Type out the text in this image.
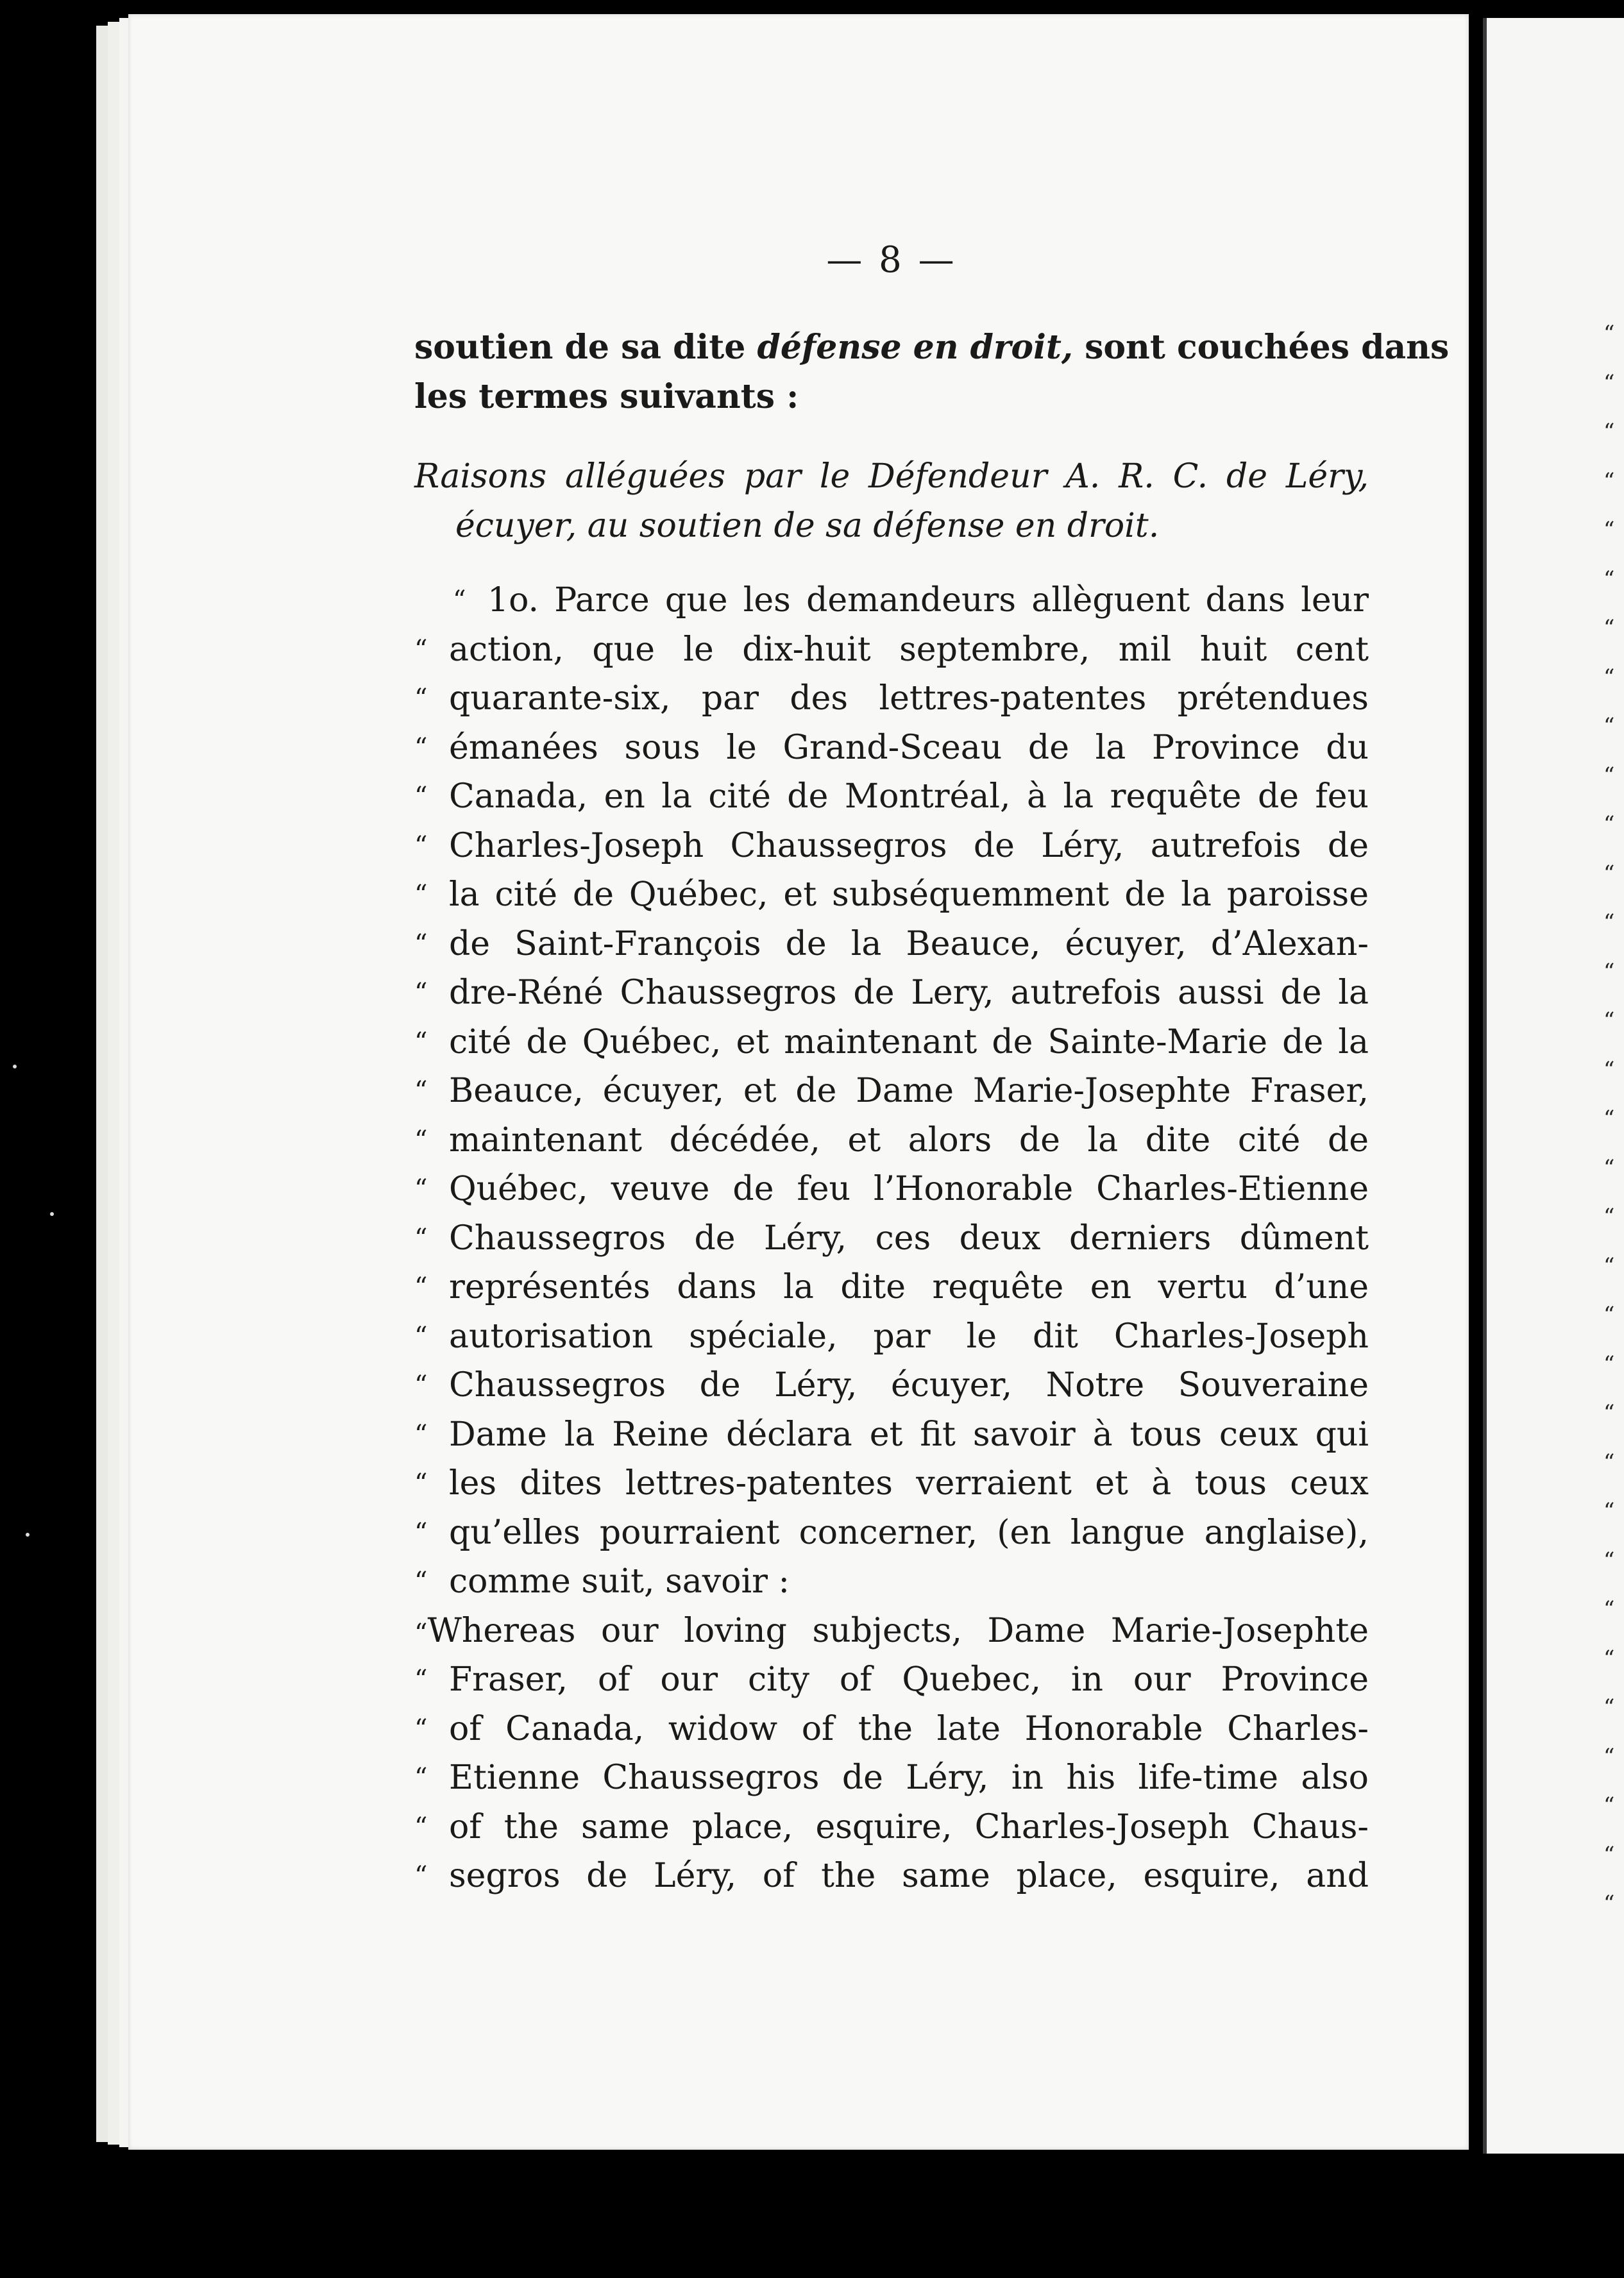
“
“
“
“
“
“
“
“
“
“
“
“
“
“
“
“
“
“
“
“
“
“
“
“
“
“
“
“
“
“
“
“
“
— 8 —
soutien de sa dite défense en droit, sont couchées dans
les termes suivants :
Raisons alléguées par le Défendeur A. R. C. de Léry,
écuyer, au soutien de sa défense en droit.
“ 1o. Parce que les demandeurs allèguent dans leur
“ action, que le dix-huit septembre, mil huit cent
“ quarante-six, par des lettres-patentes prétendues
“ émanées sous le Grand-Sceau de la Province du
“ Canada, en la cité de Montréal, à la requête de feu
“ Charles-Joseph Chaussegros de Léry, autrefois de
“ la cité de Québec, et subséquemment de la paroisse
“ de Saint-François de la Beauce, écuyer, d’Alexan-
“ dre-Réné Chaussegros de Lery, autrefois aussi de la
“ cité de Québec, et maintenant de Sainte-Marie de la
“ Beauce, écuyer, et de Dame Marie-Josephte Fraser,
“ maintenant décédée, et alors de la dite cité de
“ Québec, veuve de feu l’Honorable Charles-Etienne
“ Chaussegros de Léry, ces deux derniers dûment
“ représentés dans la dite requête en vertu d’une
“ autorisation spéciale, par le dit Charles-Joseph
“ Chaussegros de Léry, écuyer, Notre Souveraine
“ Dame la Reine déclara et fit savoir à tous ceux qui
“ les dites lettres-patentes verraient et à tous ceux
“ qu’elles pourraient concerner, (en langue anglaise),
“ comme suit, savoir :
“Whereas our loving subjects, Dame Marie-Josephte
“ Fraser, of our city of Quebec, in our Province
“ of Canada, widow of the late Honorable Charles-
“ Etienne Chaussegros de Léry, in his life-time also
“ of the same place, esquire, Charles-Joseph Chaus-
“ segros de Léry, of the same place, esquire, and
